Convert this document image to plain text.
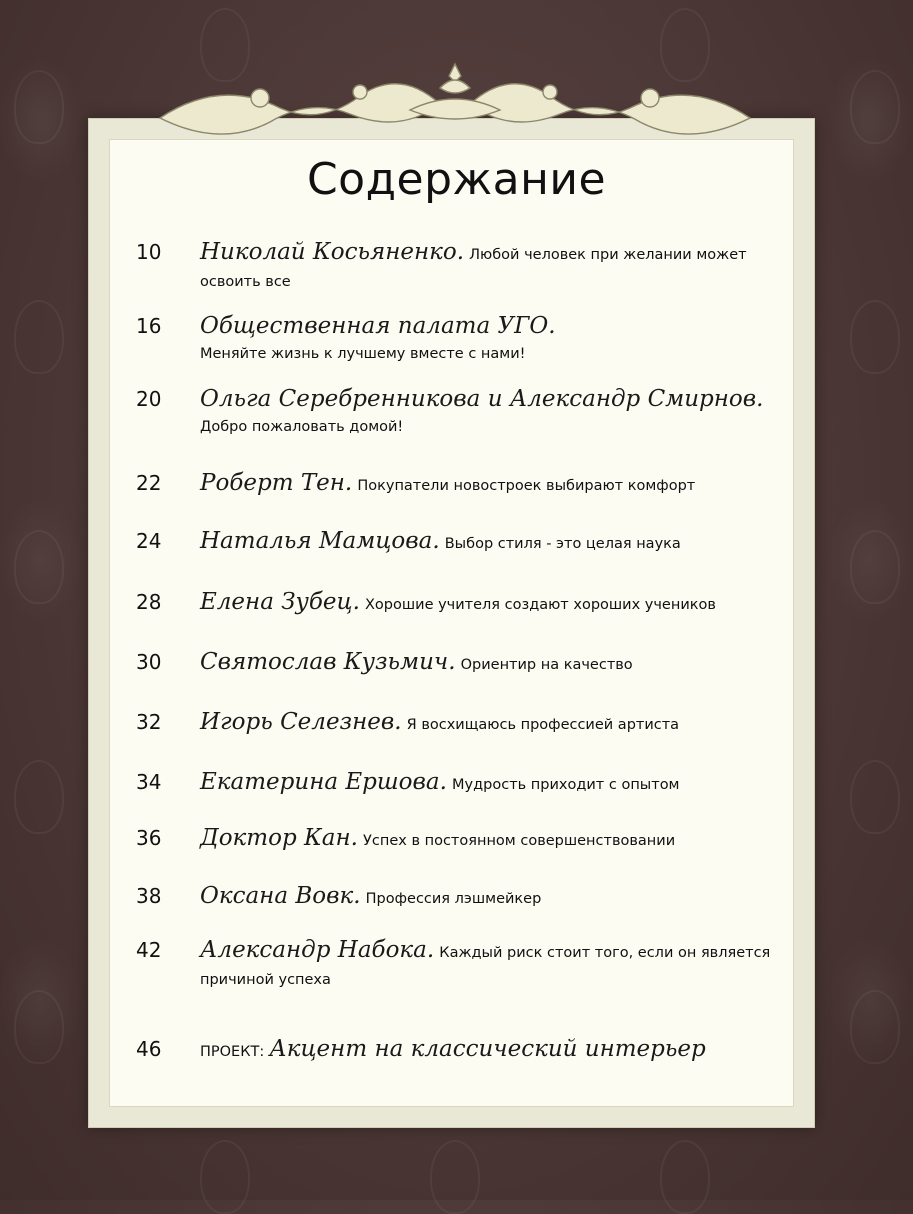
Содержание
10	Николай Косьяненко. Любой человек при желании может освоить все
16	Общественная палата УГО.
Меняйте жизнь к лучшему вместе с нами!
20	Ольга Серебренникова и Александр Смирнов.
Добро пожаловать домой!
22	Роберт Тен. Покупатели новостроек выбирают комфорт
24	Наталья Мамцова. Выбор стиля - это целая наука
28	Елена Зубец. Хорошие учителя создают хороших учеников
30	Святослав Кузьмич. Ориентир на качество
32	Игорь Селезнев. Я восхищаюсь профессией артиста
34	Екатерина Ершова. Мудрость приходит с опытом
36	Доктор Кан. Успех в постоянном совершенствовании
38	Оксана Вовк. Профессия лэшмейкер
42	Александр Набока. Каждый риск стоит того, если он является причиной успеха
46	ПРОЕКТ: Акцент на классический интерьер
